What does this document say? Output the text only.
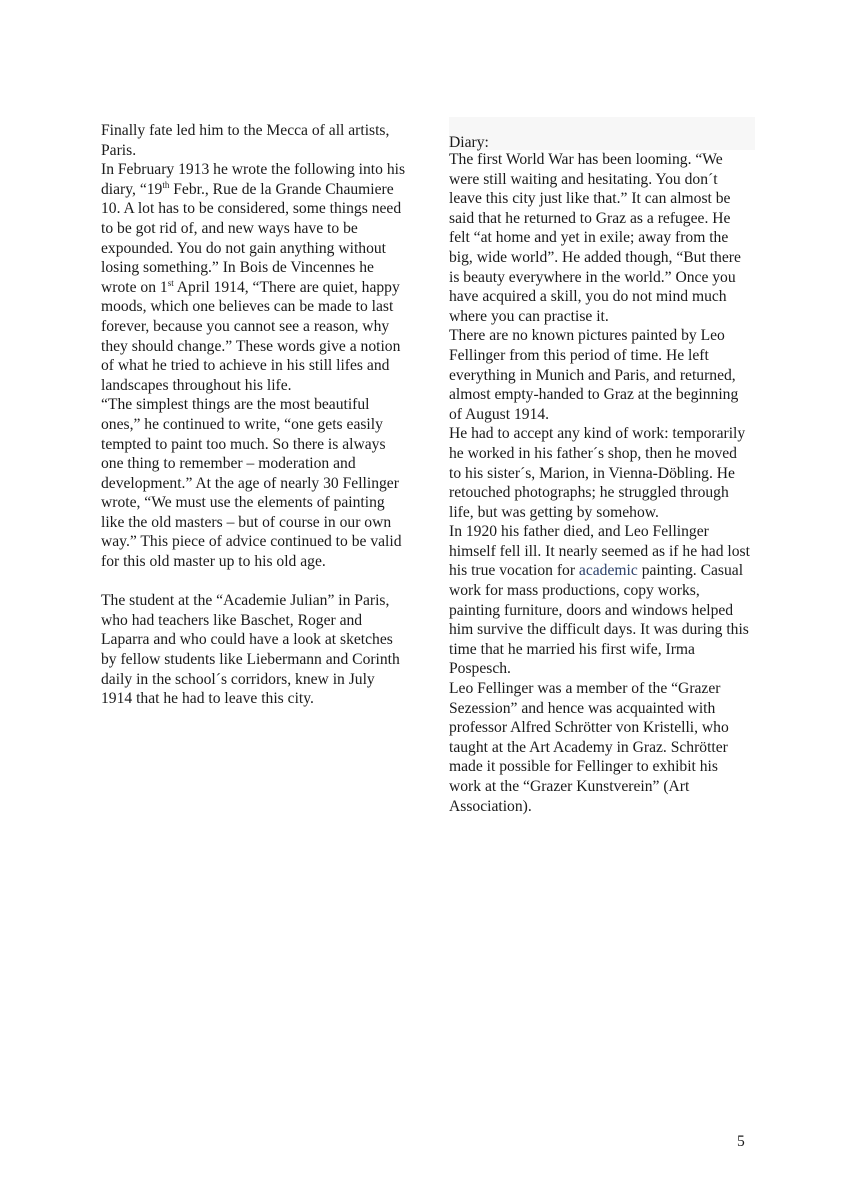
Finally fate led him to the Mecca of all artists, Paris.

In February 1913 he wrote the following into his diary, “19th Febr., Rue de la Grande Chaumiere 10. A lot has to be considered, some things need to be got rid of, and new ways have to be expounded. You do not gain anything without losing something.” In Bois de Vincennes he wrote on 1st April 1914, “There are quiet, happy moods, which one believes can be made to last forever, because you cannot see a reason, why they should change.” These words give a notion of what he tried to achieve in his still lifes and landscapes throughout his life.

“The simplest things are the most beautiful ones,” he continued to write, “one gets easily tempted to paint too much. So there is always one thing to remember – moderation and development.” At the age of nearly 30 Fellinger wrote, “We must use the elements of painting like the old masters – but of course in our own way.” This piece of advice continued to be valid for this old master up to his old age.

The student at the “Academie Julian” in Paris, who had teachers like Baschet, Roger and Laparra and who could have a look at sketches by fellow students like Liebermann and Corinth daily in the school´s corridors, knew in July 1914 that he had to leave this city.

Diary:

The first World War has been looming. “We were still waiting and hesitating. You don´t leave this city just like that.” It can almost be said that he returned to Graz as a refugee. He felt “at home and yet in exile; away from the big, wide world”. He added though, “But there is beauty everywhere in the world.” Once you have acquired a skill, you do not mind much where you can practise it.

There are no known pictures painted by Leo Fellinger from this period of time. He left everything in Munich and Paris, and returned, almost empty-handed to Graz at the beginning of August 1914.

He had to accept any kind of work: temporarily he worked in his father´s shop, then he moved to his sister´s, Marion, in Vienna-Döbling. He retouched photographs; he struggled through life, but was getting by somehow.

In 1920 his father died, and Leo Fellinger himself fell ill. It nearly seemed as if he had lost his true vocation for academic painting. Casual work for mass productions, copy works, painting furniture, doors and windows helped him survive the difficult days. It was during this time that he married his first wife, Irma Pospesch.

Leo Fellinger was a member of the “Grazer Sezession” and hence was acquainted with professor Alfred Schrötter von Kristelli, who taught at the Art Academy in Graz. Schrötter made it possible for Fellinger to exhibit his work at the “Grazer Kunstverein” (Art Association).

5
